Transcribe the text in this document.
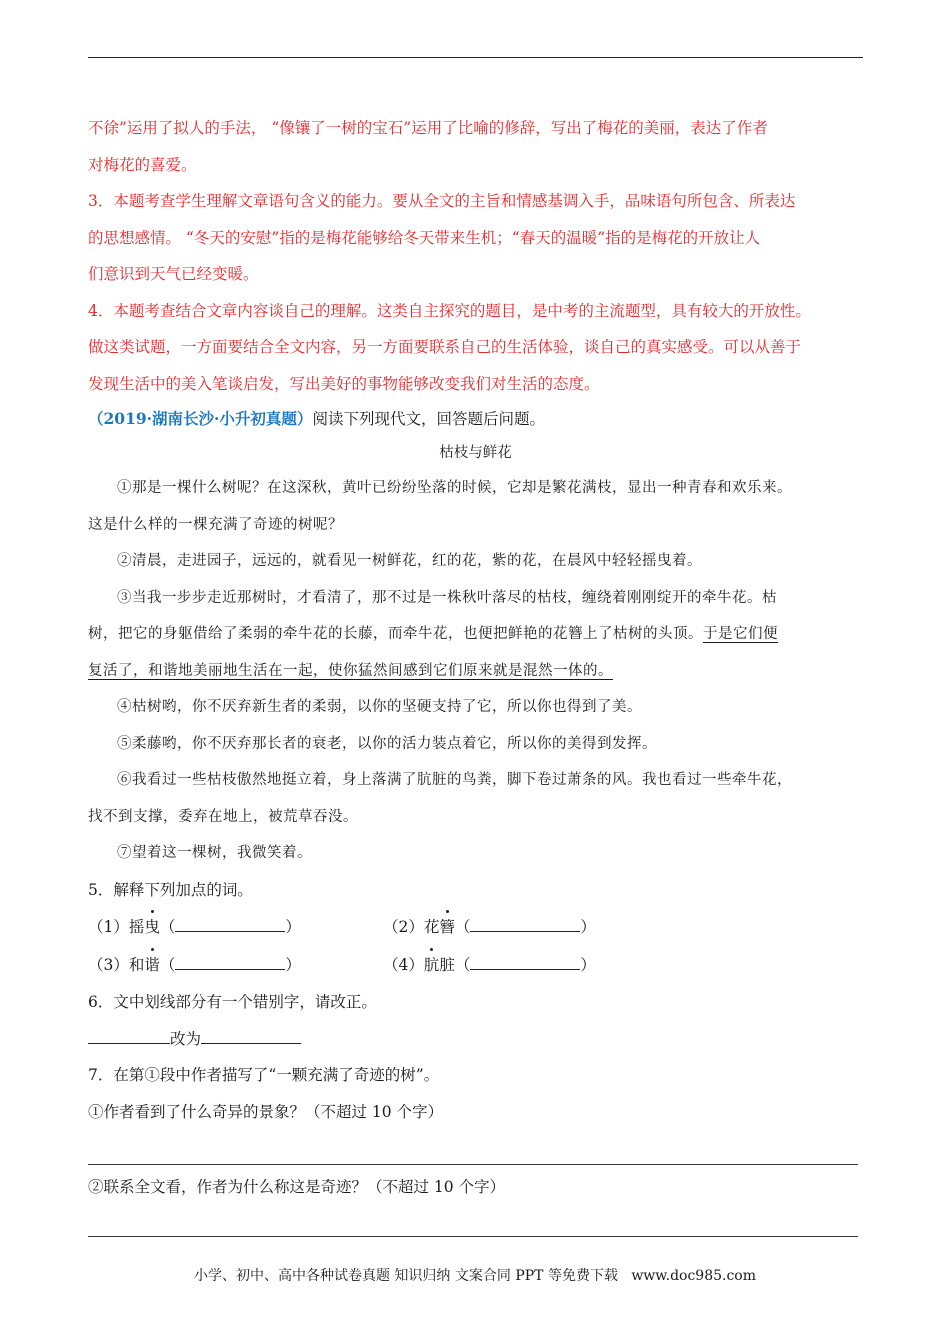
不徐”运用了拟人的手法， “像镶了一树的宝石”运用了比喻的修辞，写出了梅花的美丽，表达了作者

对梅花的喜爱。

3．本题考查学生理解文章语句含义的能力。要从全文的主旨和情感基调入手，品味语句所包含、所表达

的思想感情。 “冬天的安慰”指的是梅花能够给冬天带来生机；“春天的温暖”指的是梅花的开放让人

们意识到天气已经变暖。

4．本题考查结合文章内容谈自己的理解。这类自主探究的题目，是中考的主流题型，具有较大的开放性。

做这类试题，一方面要结合全文内容，另一方面要联系自己的生活体验，谈自己的真实感受。可以从善于

发现生活中的美入笔谈启发，写出美好的事物能够改变我们对生活的态度。

（2019·湖南长沙·小升初真题）阅读下列现代文，回答题后问题。

枯枝与鲜花

①那是一棵什么树呢？在这深秋，黄叶已纷纷坠落的时候，它却是繁花满枝，显出一种青春和欢乐来。

这是什么样的一棵充满了奇迹的树呢？

②清晨，走进园子，远远的，就看见一树鲜花，红的花，紫的花，在晨风中轻轻摇曳着。

③当我一步步走近那树时，才看清了，那不过是一株秋叶落尽的枯枝，缠绕着刚刚绽开的牵牛花。枯

树，把它的身躯借给了柔弱的牵牛花的长藤，而牵牛花，也便把鲜艳的花簪上了枯树的头顶。于是它们便

复活了，和谐地美丽地生活在一起，使你猛然间感到它们原来就是混然一体的。

④枯树哟，你不厌弃新生者的柔弱，以你的坚硬支持了它，所以你也得到了美。

⑤柔藤哟，你不厌弃那长者的衰老，以你的活力装点着它，所以你的美得到发挥。

⑥我看过一些枯枝傲然地挺立着，身上落满了肮脏的鸟粪，脚下卷过萧条的风。我也看过一些牵牛花，

找不到支撑，委弃在地上，被荒草吞没。

⑦望着这一棵树，我微笑着。

5．解释下列加点的词。

（1）摇曳（	）	（2）花簪（	）
（3）和谐（	）	（4）肮脏（	）

6．文中划线部分有一个错别字，请改正。

改为

7．在第①段中作者描写了“一颗充满了奇迹的树”。

①作者看到了什么奇异的景象？（不超过 10 个字）

②联系全文看，作者为什么称这是奇迹？（不超过 10 个字）

小学、初中、高中各种试卷真题 知识归纳 文案合同 PPT 等免费下载 www.doc985.com
